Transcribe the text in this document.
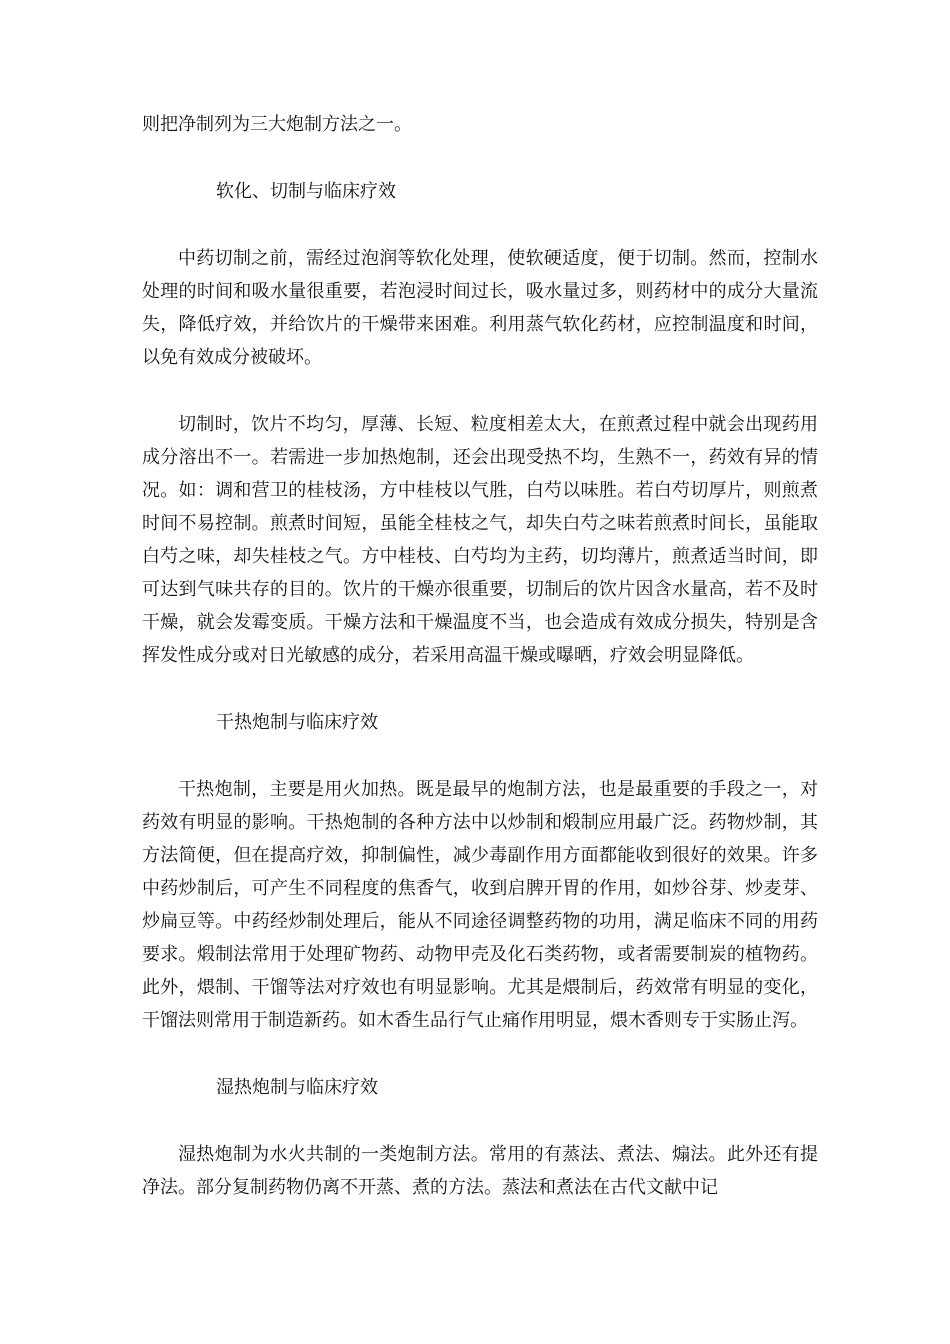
则把净制列为三大炮制方法之一。

软化、切制与临床疗效

中药切制之前，需经过泡润等软化处理，使软硬适度，便于切制。然而，控制水处理的时间和吸水量很重要，若泡浸时间过长，吸水量过多，则药材中的成分大量流失，降低疗效，并给饮片的干燥带来困难。利用蒸气软化药材，应控制温度和时间，以免有效成分被破坏。

切制时，饮片不均匀，厚薄、长短、粒度相差太大，在煎煮过程中就会出现药用成分溶出不一。若需进一步加热炮制，还会出现受热不均，生熟不一，药效有异的情况。如：调和营卫的桂枝汤，方中桂枝以气胜，白芍以味胜。若白芍切厚片，则煎煮时间不易控制。煎煮时间短，虽能全桂枝之气，却失白芍之味若煎煮时间长，虽能取白芍之味，却失桂枝之气。方中桂枝、白芍均为主药，切均薄片，煎煮适当时间，即可达到气味共存的目的。饮片的干燥亦很重要，切制后的饮片因含水量高，若不及时干燥，就会发霉变质。干燥方法和干燥温度不当，也会造成有效成分损失，特别是含挥发性成分或对日光敏感的成分，若采用高温干燥或曝晒，疗效会明显降低。

干热炮制与临床疗效

干热炮制，主要是用火加热。既是最早的炮制方法，也是最重要的手段之一，对药效有明显的影响。干热炮制的各种方法中以炒制和煅制应用最广泛。药物炒制，其方法简便，但在提高疗效，抑制偏性，减少毒副作用方面都能收到很好的效果。许多中药炒制后，可产生不同程度的焦香气，收到启脾开胃的作用，如炒谷芽、炒麦芽、炒扁豆等。中药经炒制处理后，能从不同途径调整药物的功用，满足临床不同的用药要求。煅制法常用于处理矿物药、动物甲壳及化石类药物，或者需要制炭的植物药。此外，煨制、干馏等法对疗效也有明显影响。尤其是煨制后，药效常有明显的变化，干馏法则常用于制造新药。如木香生品行气止痛作用明显，煨木香则专于实肠止泻。

湿热炮制与临床疗效

湿热炮制为水火共制的一类炮制方法。常用的有蒸法、煮法、煽法。此外还有提净法。部分复制药物仍离不开蒸、煮的方法。蒸法和煮法在古代文献中记
